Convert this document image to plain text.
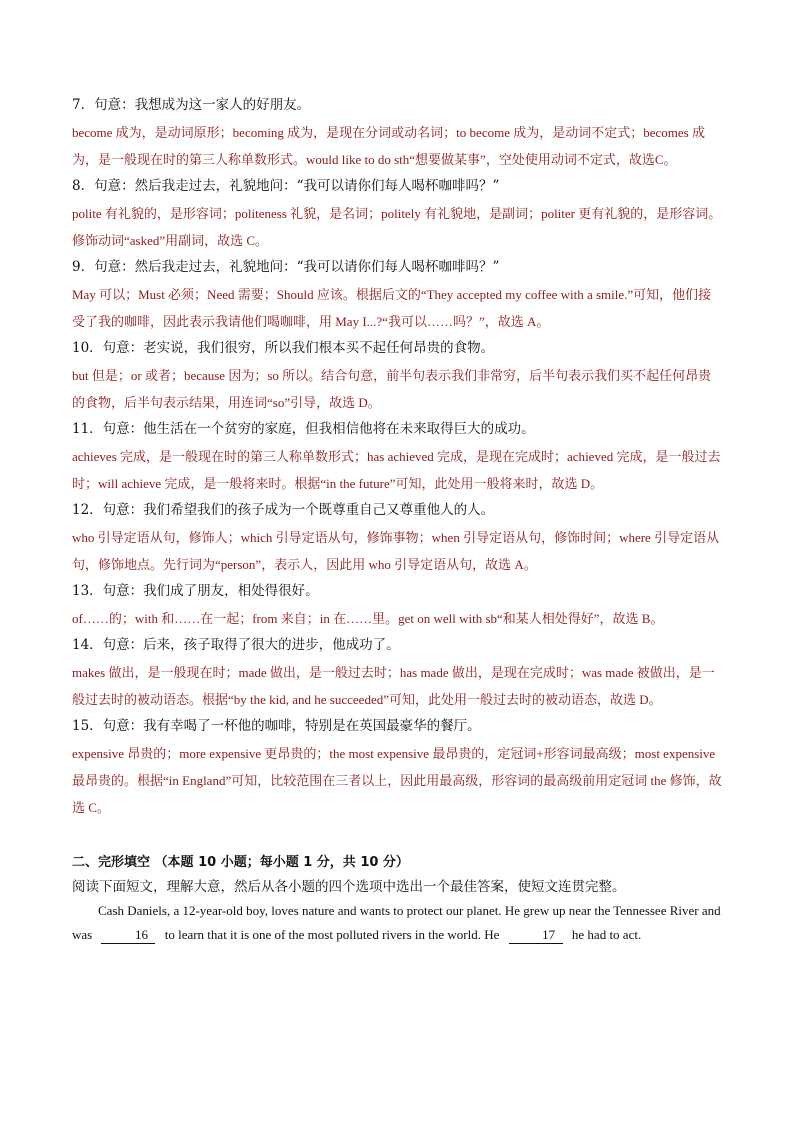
7．句意：我想成为这一家人的好朋友。

become 成为，是动词原形；becoming 成为，是现在分词或动名词；to become 成为，是动词不定式；becomes 成为，是一般现在时的第三人称单数形式。would like to do sth“想要做某事”，空处使用动词不定式，故选C。

8．句意：然后我走过去，礼貌地问：“我可以请你们每人喝杯咖啡吗？”

polite 有礼貌的，是形容词；politeness 礼貌，是名词；politely 有礼貌地，是副词；politer 更有礼貌的，是形容词。修饰动词“asked”用副词，故选 C。

9．句意：然后我走过去，礼貌地问：“我可以请你们每人喝杯咖啡吗？”

May 可以；Must 必须；Need 需要；Should 应该。根据后文的“They accepted my coffee with a smile.”可知，他们接受了我的咖啡，因此表示我请他们喝咖啡，用 May I...?“我可以……吗？”，故选 A。

10．句意：老实说，我们很穷，所以我们根本买不起任何昂贵的食物。

but 但是；or 或者；because 因为；so 所以。结合句意，前半句表示我们非常穷，后半句表示我们买不起任何昂贵的食物，后半句表示结果，用连词“so”引导，故选 D。

11．句意：他生活在一个贫穷的家庭，但我相信他将在未来取得巨大的成功。

achieves 完成，是一般现在时的第三人称单数形式；has achieved 完成，是现在完成时；achieved 完成，是一般过去时；will achieve 完成，是一般将来时。根据“in the future”可知，此处用一般将来时，故选 D。

12．句意：我们希望我们的孩子成为一个既尊重自己又尊重他人的人。

who 引导定语从句，修饰人；which 引导定语从句，修饰事物；when 引导定语从句，修饰时间；where 引导定语从句，修饰地点。先行词为“person”，表示人，因此用 who 引导定语从句，故选 A。

13．句意：我们成了朋友，相处得很好。

of……的；with 和……在一起；from 来自；in 在……里。get on well with sb“和某人相处得好”，故选 B。

14．句意：后来，孩子取得了很大的进步，他成功了。

makes 做出，是一般现在时；made 做出，是一般过去时；has made 做出，是现在完成时；was made 被做出，是一般过去时的被动语态。根据“by the kid, and he succeeded”可知，此处用一般过去时的被动语态，故选 D。

15．句意：我有幸喝了一杯他的咖啡，特别是在英国最豪华的餐厅。

expensive 昂贵的；more expensive 更昂贵的；the most expensive 最昂贵的，定冠词+形容词最高级；most expensive 最昂贵的。根据“in England”可知，比较范围在三者以上，因此用最高级，形容词的最高级前用定冠词 the 修饰，故选 C。

二、完形填空 （本题 10 小题；每小题 1 分，共 10 分）

阅读下面短文，理解大意，然后从各小题的四个选项中选出一个最佳答案，使短文连贯完整。

Cash Daniels, a 12-year-old boy, loves nature and wants to protect our planet. He grew up near the Tennessee River and was	16 to learn that it is one of the most polluted rivers in the world. He	17 he had to act.
